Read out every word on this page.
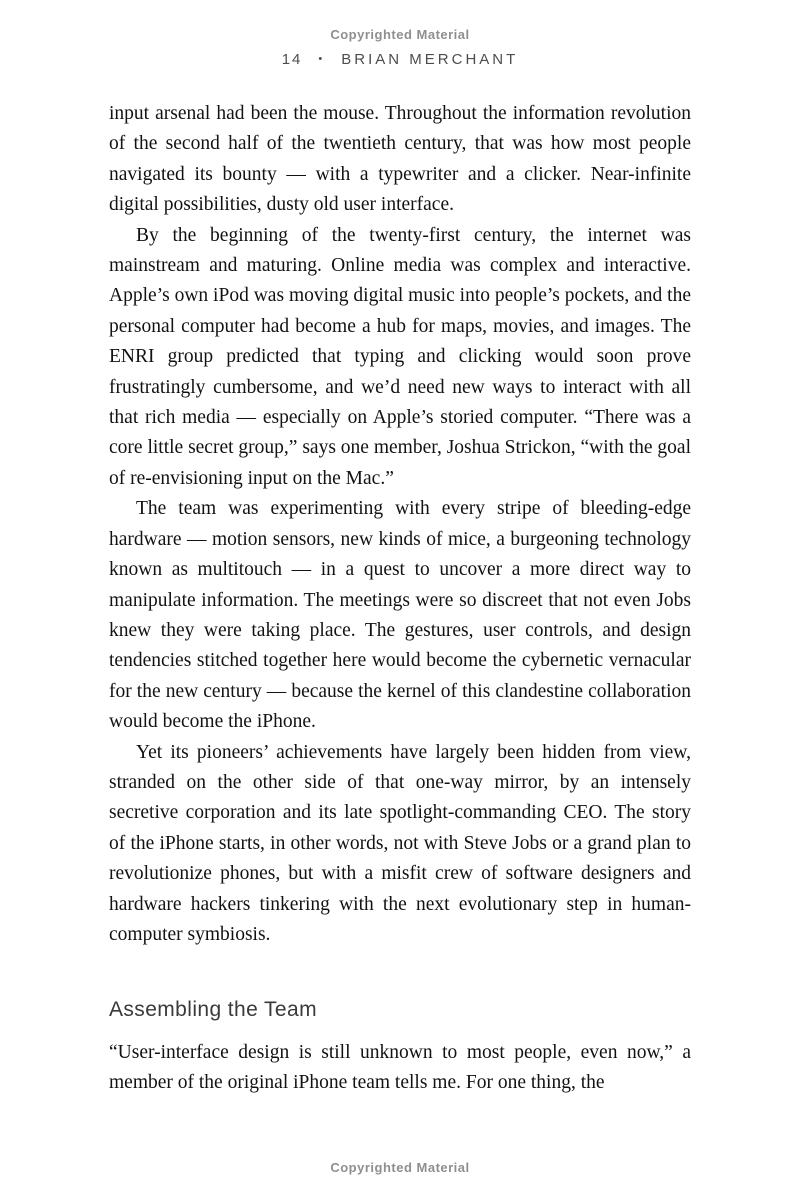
Copyrighted Material
14 • BRIAN MERCHANT

input arsenal had been the mouse. Throughout the information revolution of the second half of the twentieth century, that was how most people navigated its bounty — with a typewriter and a clicker. Near-infinite digital possibilities, dusty old user interface.

By the beginning of the twenty-first century, the internet was mainstream and maturing. Online media was complex and interactive. Apple’s own iPod was moving digital music into people’s pockets, and the personal computer had become a hub for maps, movies, and images. The ENRI group predicted that typing and clicking would soon prove frustratingly cumbersome, and we’d need new ways to interact with all that rich media — especially on Apple’s storied computer. “There was a core little secret group,” says one member, Joshua Strickon, “with the goal of re-envisioning input on the Mac.”

The team was experimenting with every stripe of bleeding-edge hardware — motion sensors, new kinds of mice, a burgeoning technology known as multitouch — in a quest to uncover a more direct way to manipulate information. The meetings were so discreet that not even Jobs knew they were taking place. The gestures, user controls, and design tendencies stitched together here would become the cybernetic vernacular for the new century — because the kernel of this clandestine collaboration would become the iPhone.

Yet its pioneers’ achievements have largely been hidden from view, stranded on the other side of that one-way mirror, by an intensely secretive corporation and its late spotlight-commanding CEO. The story of the iPhone starts, in other words, not with Steve Jobs or a grand plan to revolutionize phones, but with a misfit crew of software designers and hardware hackers tinkering with the next evolutionary step in human-computer symbiosis.

Assembling the Team

“User-interface design is still unknown to most people, even now,” a member of the original iPhone team tells me. For one thing, the

Copyrighted Material
